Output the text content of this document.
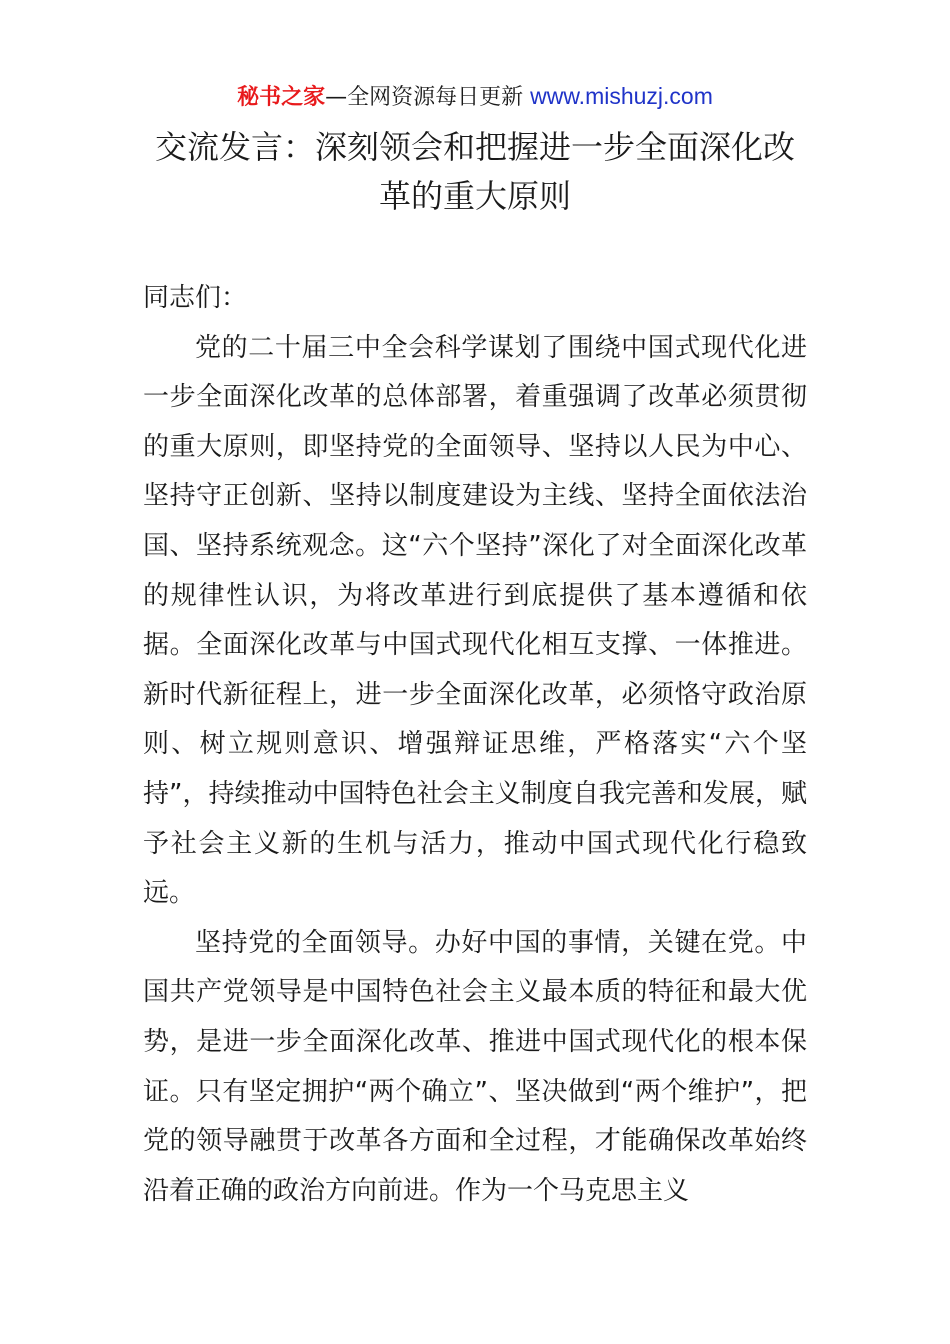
秘书之家—全网资源每日更新 www.mishuzj.com
交流发言：深刻领会和把握进一步全面深化改革的重大原则

同志们：

党的二十届三中全会科学谋划了围绕中国式现代化进一步全面深化改革的总体部署，着重强调了改革必须贯彻的重大原则，即坚持党的全面领导、坚持以人民为中心、坚持守正创新、坚持以制度建设为主线、坚持全面依法治国、坚持系统观念。这“六个坚持”深化了对全面深化改革的规律性认识，为将改革进行到底提供了基本遵循和依据。全面深化改革与中国式现代化相互支撑、一体推进。新时代新征程上，进一步全面深化改革，必须恪守政治原则、树立规则意识、增强辩证思维，严格落实“六个坚持”，持续推动中国特色社会主义制度自我完善和发展，赋予社会主义新的生机与活力，推动中国式现代化行稳致远。

坚持党的全面领导。办好中国的事情，关键在党。中国共产党领导是中国特色社会主义最本质的特征和最大优势，是进一步全面深化改革、推进中国式现代化的根本保证。只有坚定拥护“两个确立”、坚决做到“两个维护”，把党的领导融贯于改革各方面和全过程，才能确保改革始终沿着正确的政治方向前进。作为一个马克思主义
